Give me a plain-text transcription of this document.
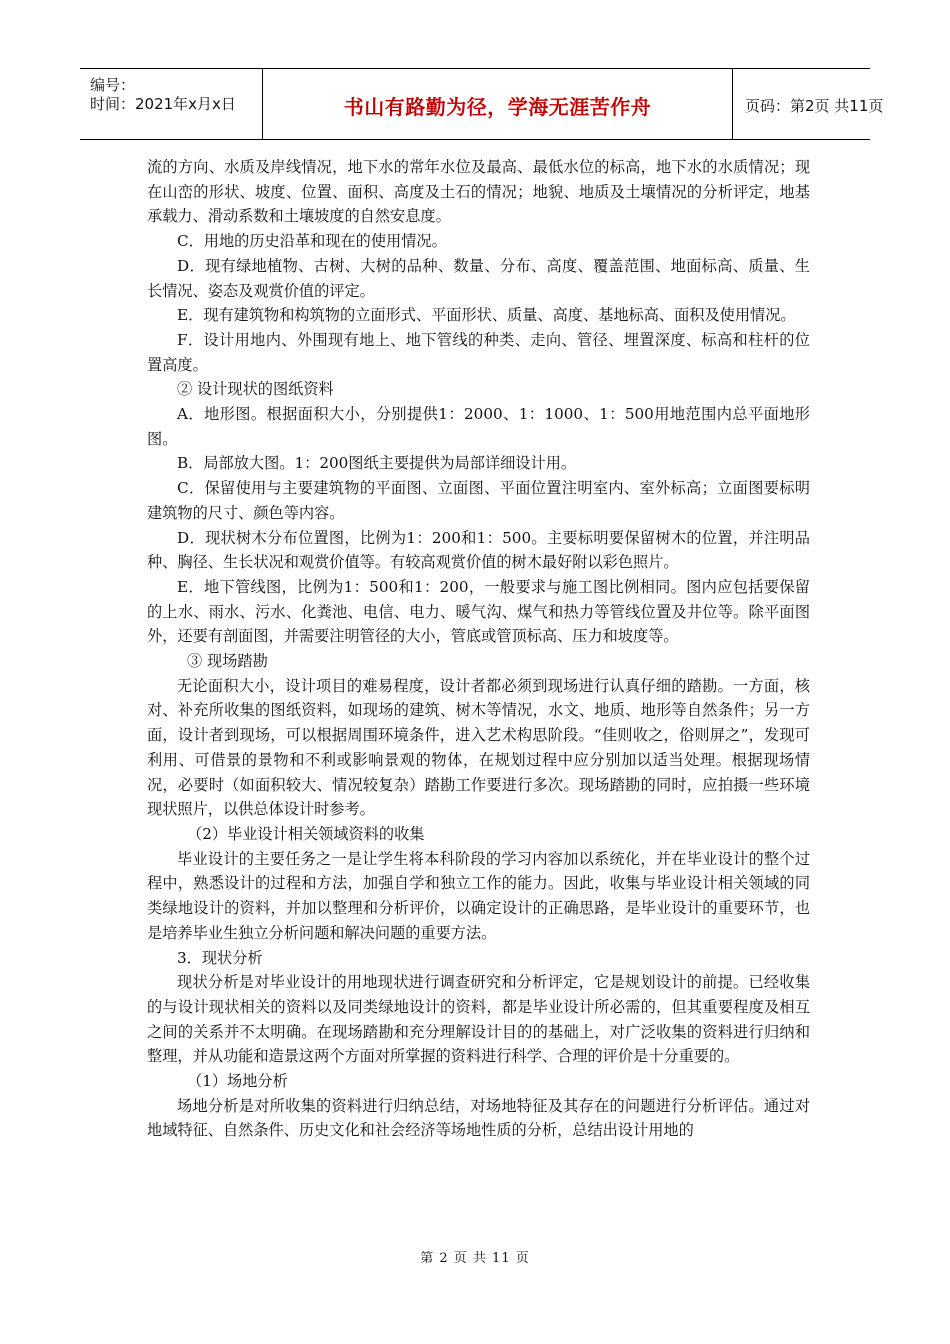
编号：
时间：2021年x月x日	书山有路勤为径，学海无涯苦作舟	页码：第2页 共11页

流的方向、水质及岸线情况，地下水的常年水位及最高、最低水位的标高，地下水的水质情况；现在山峦的形状、坡度、位置、面积、高度及土石的情况；地貌、地质及土壤情况的分析评定，地基承载力、滑动系数和土壤坡度的自然安息度。

C．用地的历史沿革和现在的使用情况。

D．现有绿地植物、古树、大树的品种、数量、分布、高度、覆盖范围、地面标高、质量、生长情况、姿态及观赏价值的评定。

E．现有建筑物和构筑物的立面形式、平面形状、质量、高度、基地标高、面积及使用情况。

F．设计用地内、外围现有地上、地下管线的种类、走向、管径、埋置深度、标高和柱杆的位置高度。

② 设计现状的图纸资料

A．地形图。根据面积大小，分别提供1：2000、1：1000、1：500用地范围内总平面地形图。

B．局部放大图。1：200图纸主要提供为局部详细设计用。

C．保留使用与主要建筑物的平面图、立面图、平面位置注明室内、室外标高；立面图要标明建筑物的尺寸、颜色等内容。

D．现状树木分布位置图，比例为1：200和1：500。主要标明要保留树木的位置，并注明品种、胸径、生长状况和观赏价值等。有较高观赏价值的树木最好附以彩色照片。

E．地下管线图，比例为1：500和1：200，一般要求与施工图比例相同。图内应包括要保留的上水、雨水、污水、化粪池、电信、电力、暖气沟、煤气和热力等管线位置及井位等。除平面图外，还要有剖面图，并需要注明管径的大小，管底或管顶标高、压力和坡度等。

③ 现场踏勘

无论面积大小，设计项目的难易程度，设计者都必须到现场进行认真仔细的踏勘。一方面，核对、补充所收集的图纸资料，如现场的建筑、树木等情况，水文、地质、地形等自然条件；另一方面，设计者到现场，可以根据周围环境条件，进入艺术构思阶段。“佳则收之，俗则屏之”，发现可利用、可借景的景物和不利或影响景观的物体，在规划过程中应分别加以适当处理。根据现场情况，必要时（如面积较大、情况较复杂）踏勘工作要进行多次。现场踏勘的同时，应拍摄一些环境现状照片，以供总体设计时参考。

（2）毕业设计相关领域资料的收集

毕业设计的主要任务之一是让学生将本科阶段的学习内容加以系统化，并在毕业设计的整个过程中，熟悉设计的过程和方法，加强自学和独立工作的能力。因此，收集与毕业设计相关领域的同类绿地设计的资料，并加以整理和分析评价，以确定设计的正确思路，是毕业设计的重要环节，也是培养毕业生独立分析问题和解决问题的重要方法。

3．现状分析

现状分析是对毕业设计的用地现状进行调查研究和分析评定，它是规划设计的前提。已经收集的与设计现状相关的资料以及同类绿地设计的资料，都是毕业设计所必需的，但其重要程度及相互之间的关系并不太明确。在现场踏勘和充分理解设计目的的基础上，对广泛收集的资料进行归纳和整理，并从功能和造景这两个方面对所掌握的资料进行科学、合理的评价是十分重要的。

（1）场地分析

场地分析是对所收集的资料进行归纳总结，对场地特征及其存在的问题进行分析评估。通过对地域特征、自然条件、历史文化和社会经济等场地性质的分析，总结出设计用地的

第 2 页 共 11 页
